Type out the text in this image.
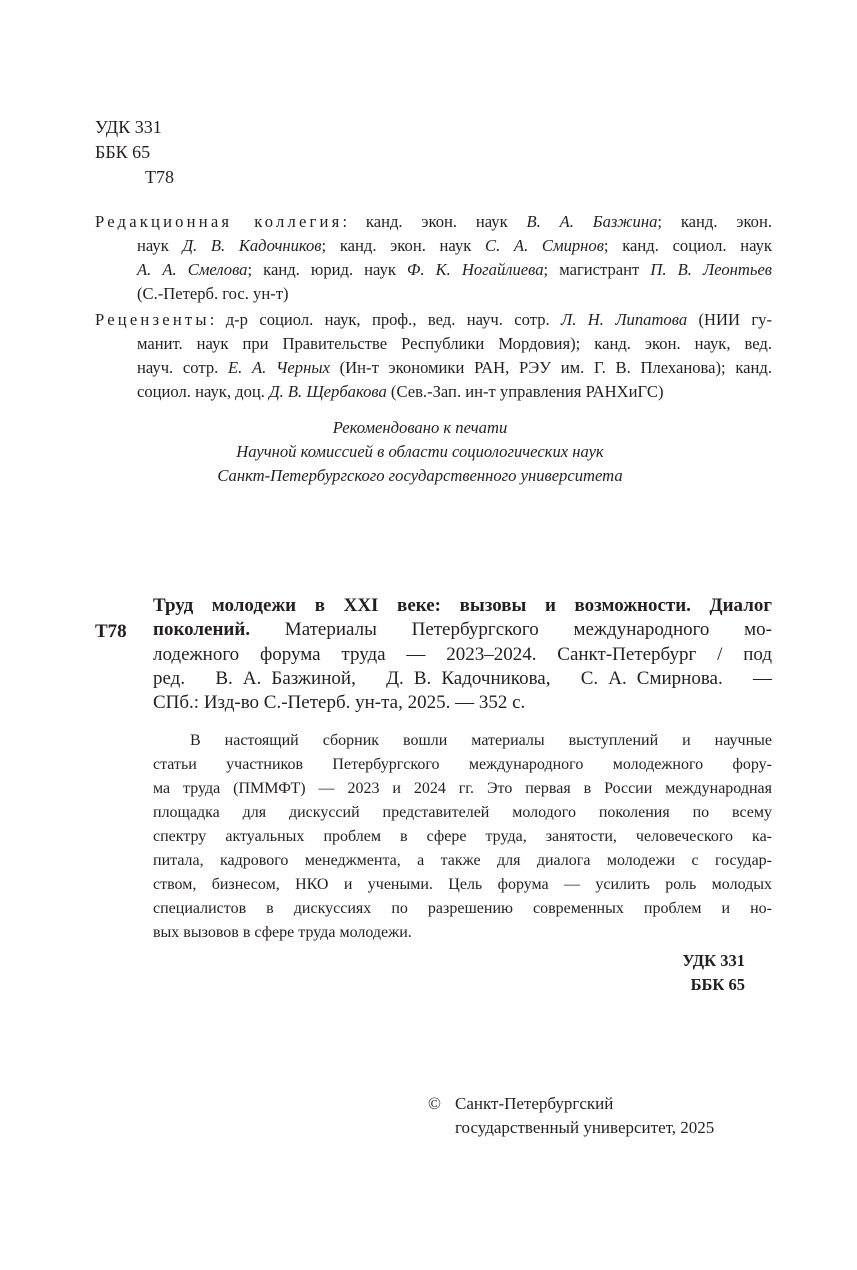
УДК 331
ББК 65
Т78
Редакционная коллегия: канд. экон. наук В. А. Базжина; канд. экон.
наук Д. В. Кадочников; канд. экон. наук С. А. Смирнов; канд. социол. наук
А. А. Смелова; канд. юрид. наук Ф. К. Ногайлиева; магистрант П. В. Леонтьев
(С.-Петерб. гос. ун-т)
Рецензенты: д-р социол. наук, проф., вед. науч. сотр. Л. Н. Липатова (НИИ гу-
манит. наук при Правительстве Республики Мордовия); канд. экон. наук, вед.
науч. сотр. Е. А. Черных (Ин-т экономики РАН, РЭУ им. Г. В. Плеханова); канд.
социол. наук, доц. Д. В. Щербакова (Сев.-Зап. ин-т управления РАНХиГС)
Рекомендовано к печати
Научной комиссией в области социологических наук
Санкт-Петербургского государственного университета
Т78
Труд молодежи в XXI веке: вызовы и возможности. Диалог
поколений. Материалы Петербургского международного мо-
лодежного форума труда — 2023–2024. Санкт-Петербург / под
ред.   В. А. Базжиной,   Д. В. Кадочникова,   С. А. Смирнова.   —
СПб.: Изд-во С.-Петерб. ун-та, 2025. — 352 с.
В настоящий сборник вошли материалы выступлений и научные
статьи участников Петербургского международного молодежного фору-
ма труда (ПММФТ) — 2023 и 2024 гг. Это первая в России международная
площадка для дискуссий представителей молодого поколения по всему
спектру актуальных проблем в сфере труда, занятости, человеческого ка-
питала, кадрового менеджмента, а также для диалога молодежи с государ-
ством, бизнесом, НКО и учеными. Цель форума — усилить роль молодых
специалистов в дискуссиях по разрешению современных проблем и но-
вых вызовов в сфере труда молодежи.
УДК 331
ББК 65
© Санкт-Петербургский
государственный университет, 2025
